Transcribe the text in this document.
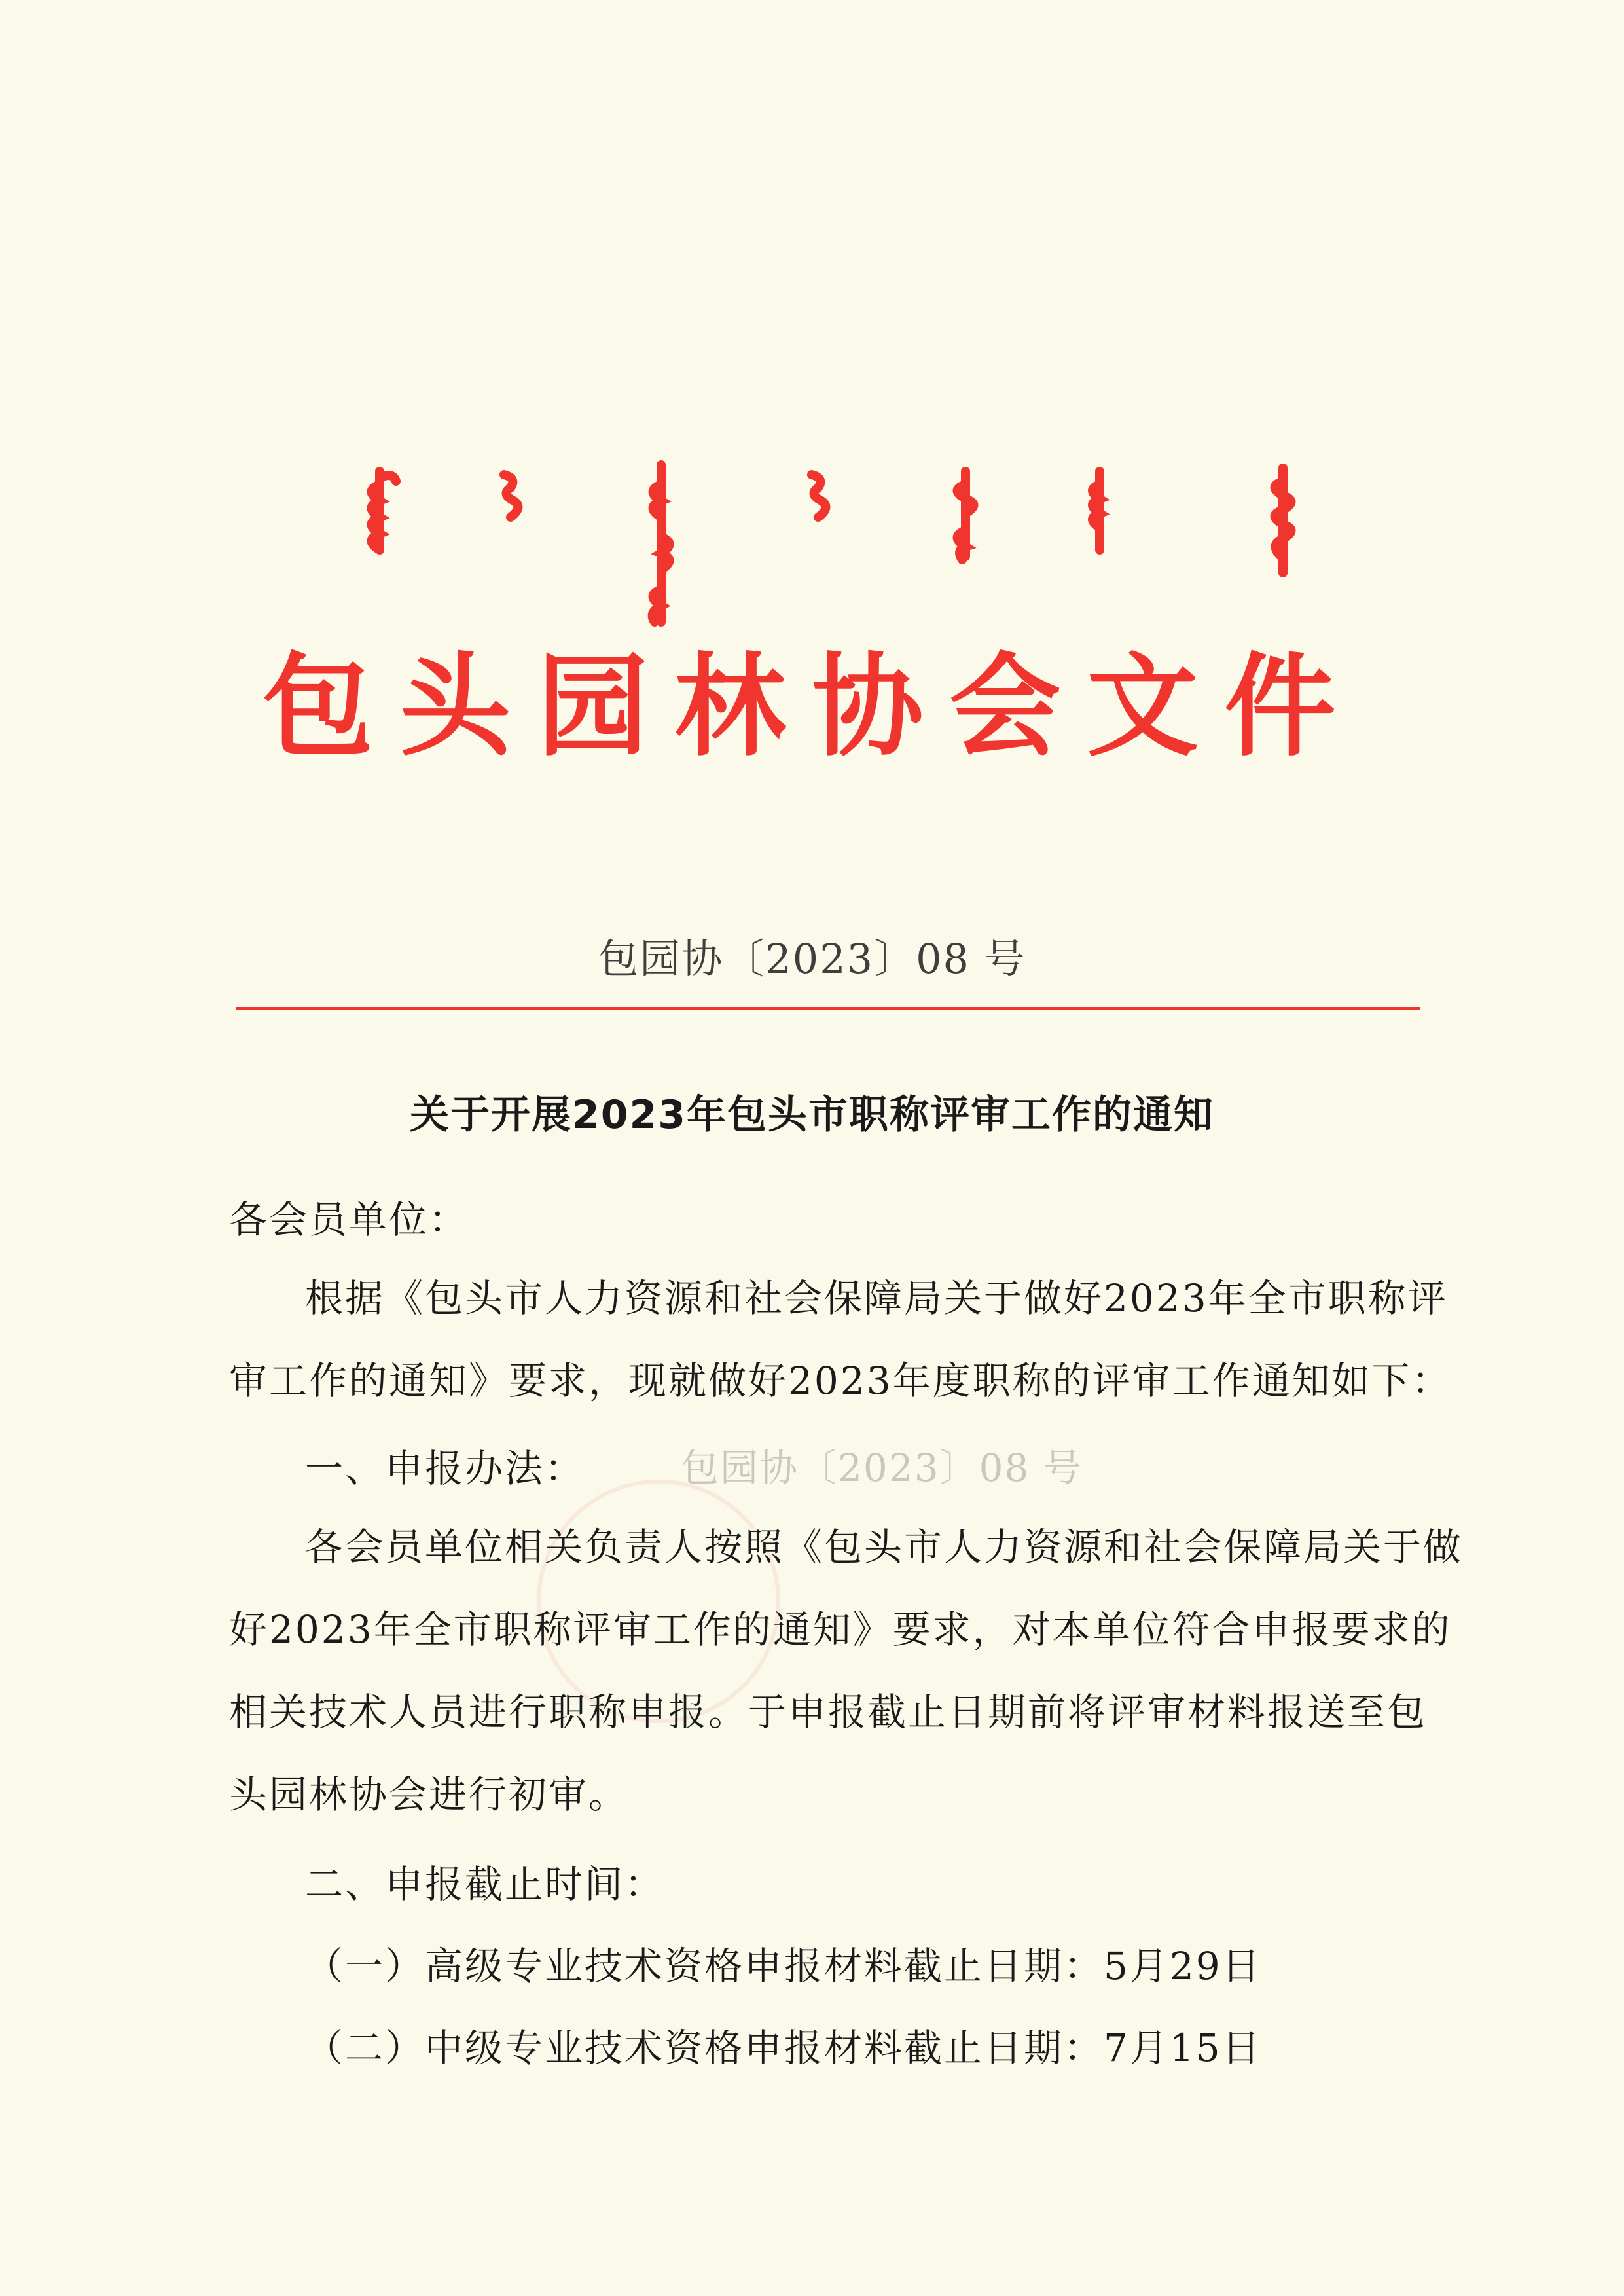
包头园林协会文件
包园协〔2023〕08 号
关于开展2023年包头市职称评审工作的通知
包园协〔2023〕08 号

各会员单位：

根据《包头市人力资源和社会保障局关于做好2023年全市职称评审工作的通知》要求，现就做好2023年度职称的评审工作通知如下：

一、申报办法：

各会员单位相关负责人按照《包头市人力资源和社会保障局关于做好2023年全市职称评审工作的通知》要求，对本单位符合申报要求的相关技术人员进行职称申报。于申报截止日期前将评审材料报送至包头园林协会进行初审。

二、申报截止时间：

（一）高级专业技术资格申报材料截止日期：5月29日

（二）中级专业技术资格申报材料截止日期：7月15日
